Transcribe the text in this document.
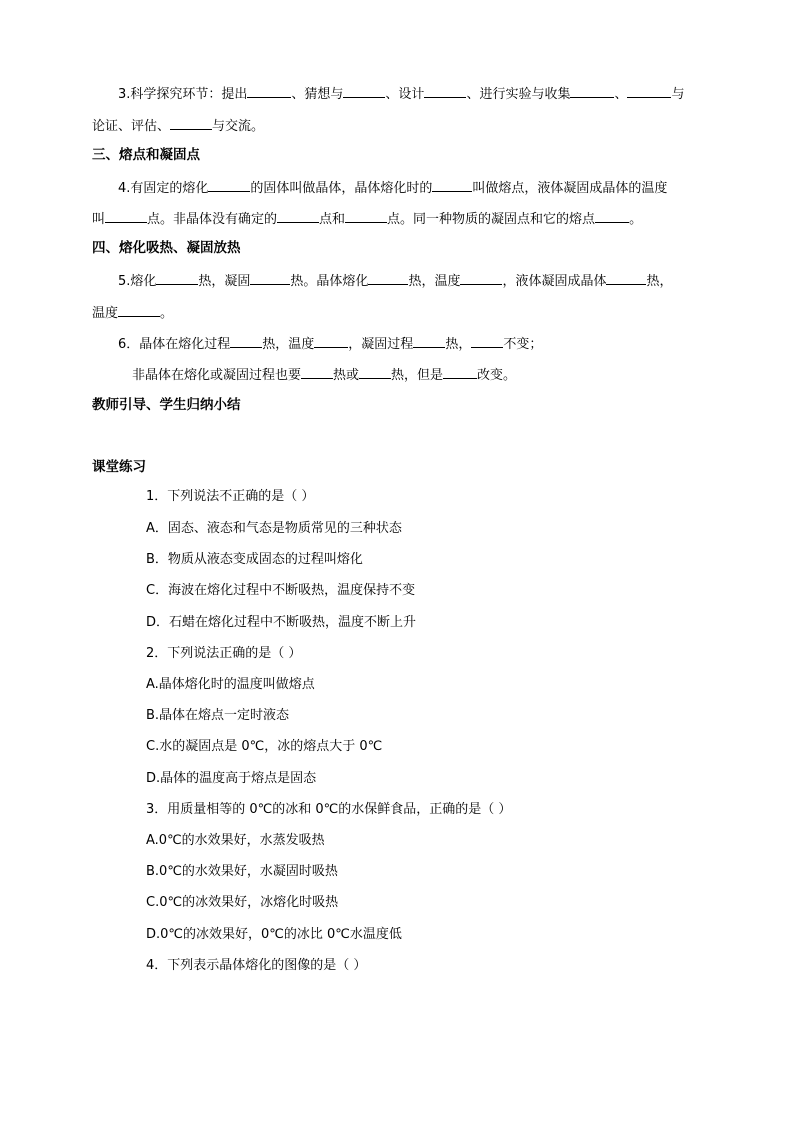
3.科学探究环节：提出	、猜想与	、设计	、进行实验与收集	、	与
论证、评估、	与交流。
三、熔点和凝固点
4.有固定的熔化	的固体叫做晶体，晶体熔化时的	叫做熔点，液体凝固成晶体的温度
叫	点。非晶体没有确定的	点和	点。同一种物质的凝固点和它的熔点	。
四、熔化吸热、凝固放热
5.熔化	热，凝固	热。晶体熔化	热，温度	，液体凝固成晶体	热，
温度	。
6．晶体在熔化过程 热，温度	，凝固过程 热， 不变；
非晶体在熔化或凝固过程也要 热或 热，但是	改变。
教师引导、学生归纳小结
课堂练习
1．下列说法不正确的是（ ）
A．固态、液态和气态是物质常见的三种状态
B．物质从液态变成固态的过程叫熔化
C．海波在熔化过程中不断吸热，温度保持不变
D．石蜡在熔化过程中不断吸热，温度不断上升
2．下列说法正确的是（ ）
A.晶体熔化时的温度叫做熔点
B.晶体在熔点一定时液态
C.水的凝固点是 0℃，冰的熔点大于 0℃
D.晶体的温度高于熔点是固态
3．用质量相等的 0℃的冰和 0℃的水保鲜食品，正确的是（ ）
A.0℃的水效果好，水蒸发吸热
B.0℃的水效果好，水凝固时吸热
C.0℃的冰效果好，冰熔化时吸热
D.0℃的冰效果好，0℃的冰比 0℃水温度低
4．下列表示晶体熔化的图像的是（ ）
